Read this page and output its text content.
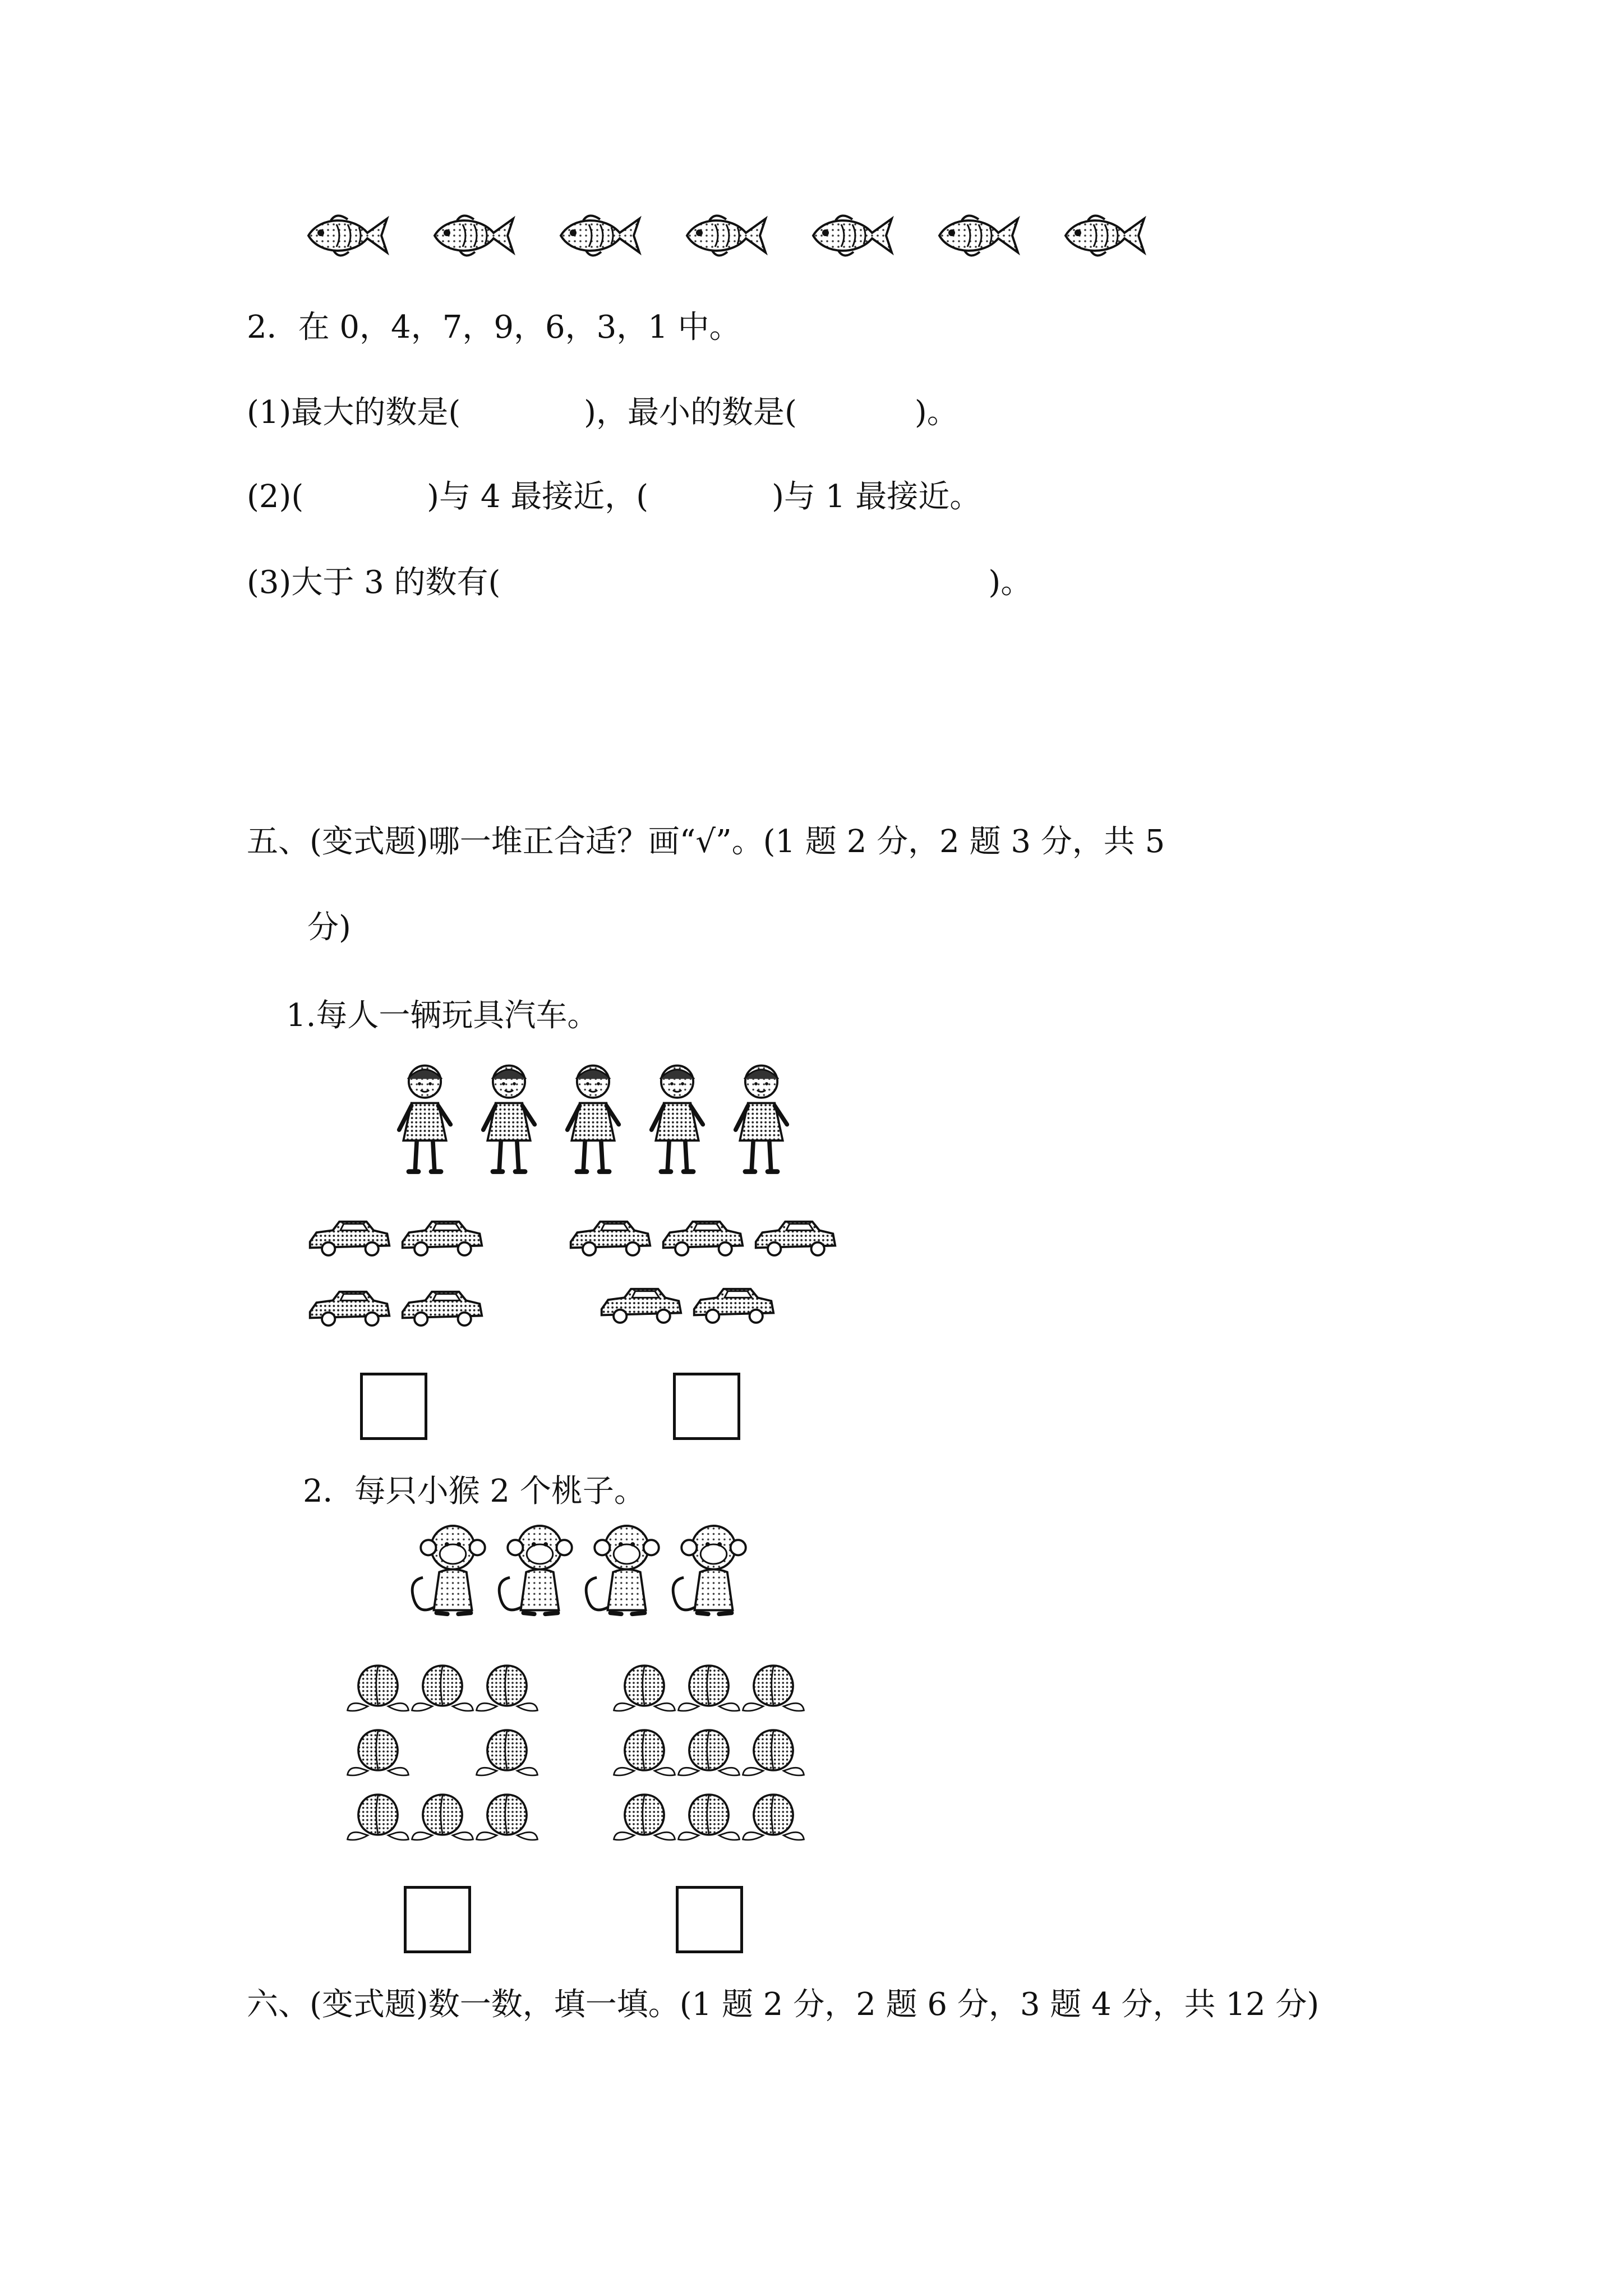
2．在 0，4，7，9，6，3，1 中。
(1)最大的数是(	)，最小的数是(	)。
(2)(	)与 4 最接近，(	)与 1 最接近。
(3)大于 3 的数有(	)。
五、(变式题)哪一堆正合适？画“√”。(1 题 2 分，2 题 3 分，共 5
分)
1.每人一辆玩具汽车。
2．每只小猴 2 个桃子。
六、(变式题)数一数，填一填。(1 题 2 分，2 题 6 分，3 题 4 分，共 12 分)
